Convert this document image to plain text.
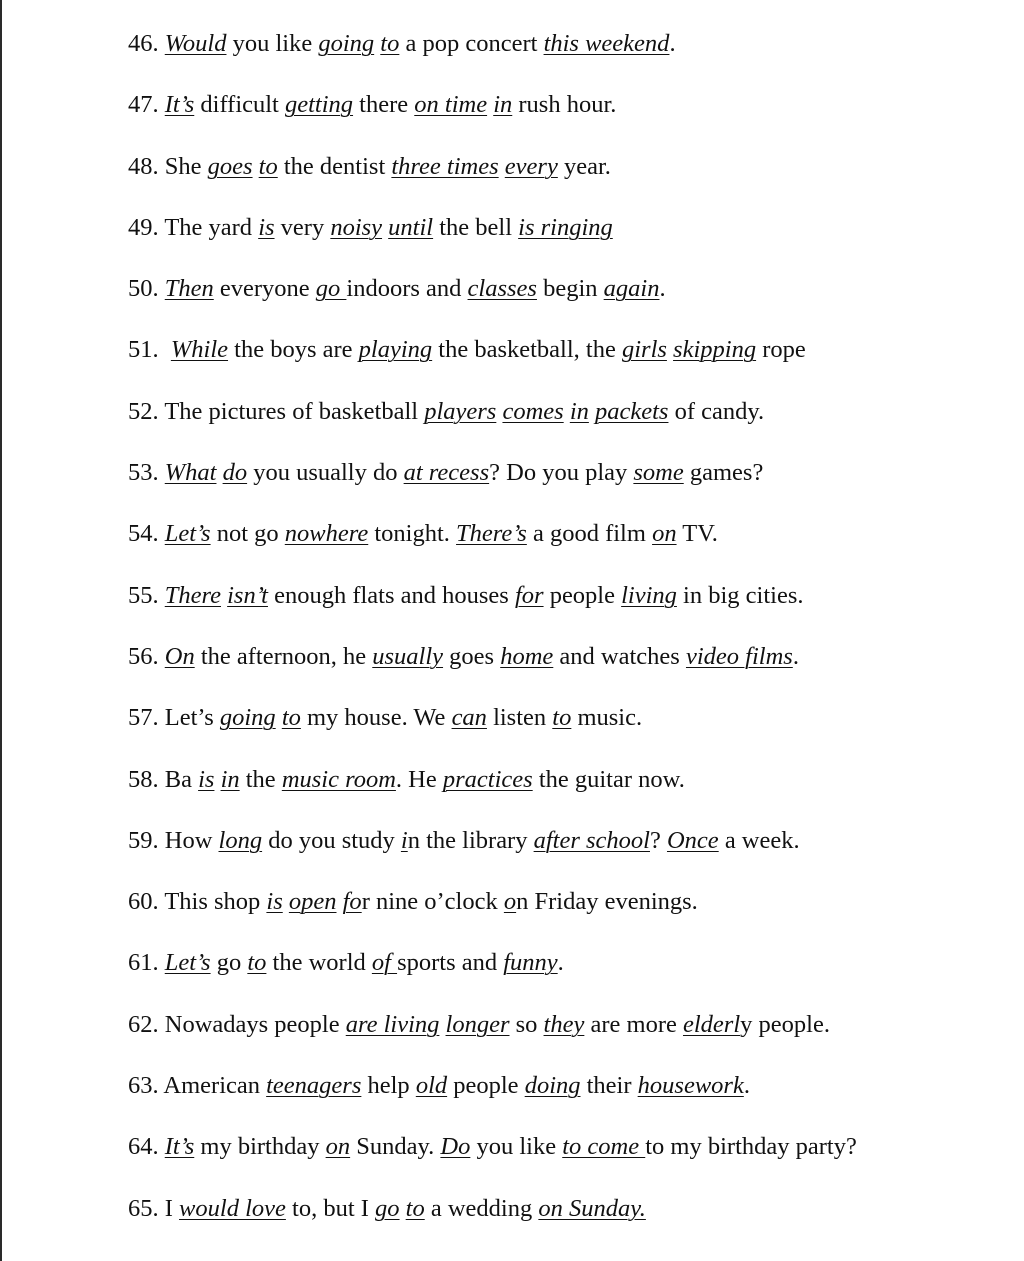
46. Would you like going to a pop concert this weekend.
47. It’s difficult getting there on time in rush hour.
48. She goes to the dentist three times every year.
49. The yard is very noisy until the bell is ringing
50. Then everyone go indoors and classes begin again.
51. While the boys are playing the basketball, the girls skipping rope
52. The pictures of basketball players comes in packets of candy.
53. What do you usually do at recess? Do you play some games?
54. Let’s not go nowhere tonight. There’s a good film on TV.
55. There isn’t enough flats and houses for people living in big cities.
56. On the afternoon, he usually goes home and watches video films.
57. Let’s going to my house. We can listen to music.
58. Ba is in the music room. He practices the guitar now.
59. How long do you study in the library after school? Once a week.
60. This shop is open for nine o’clock on Friday evenings.
61. Let’s go to the world of sports and funny.
62. Nowadays people are living longer so they are more elderly people.
63. American teenagers help old people doing their housework.
64. It’s my birthday on Sunday. Do you like to come to my birthday party?
65. I would love to, but I go to a wedding on Sunday.
